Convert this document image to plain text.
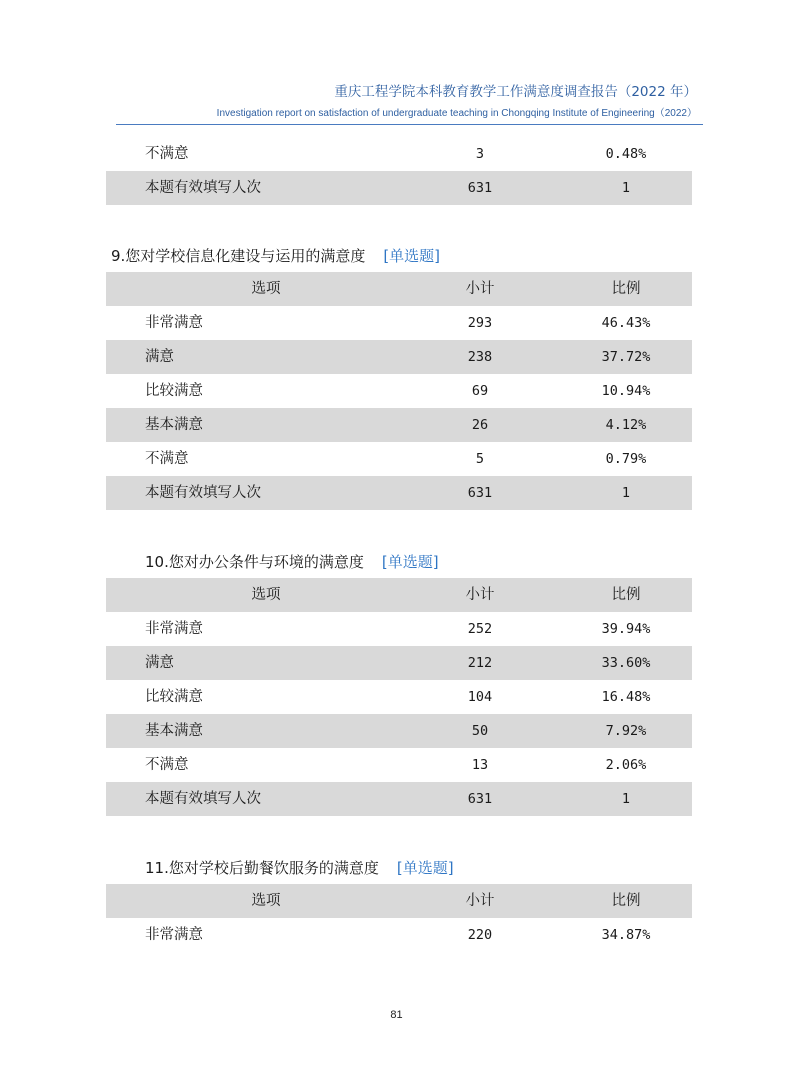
重庆工程学院本科教育教学工作满意度调查报告（2022 年）
Investigation report on satisfaction of undergraduate teaching in Chongqing Institute of Engineering（2022）
不满意	3	0.48%
本题有效填写人次	631	1
9.您对学校信息化建设与运用的满意度 [单选题]
选项	小计	比例
非常满意	293	46.43%
满意	238	37.72%
比较满意	69	10.94%
基本满意	26	4.12%
不满意	5	0.79%
本题有效填写人次	631	1
10.您对办公条件与环境的满意度 [单选题]
选项	小计	比例
非常满意	252	39.94%
满意	212	33.60%
比较满意	104	16.48%
基本满意	50	7.92%
不满意	13	2.06%
本题有效填写人次	631	1
11.您对学校后勤餐饮服务的满意度 [单选题]
选项	小计	比例
非常满意	220	34.87%
81
